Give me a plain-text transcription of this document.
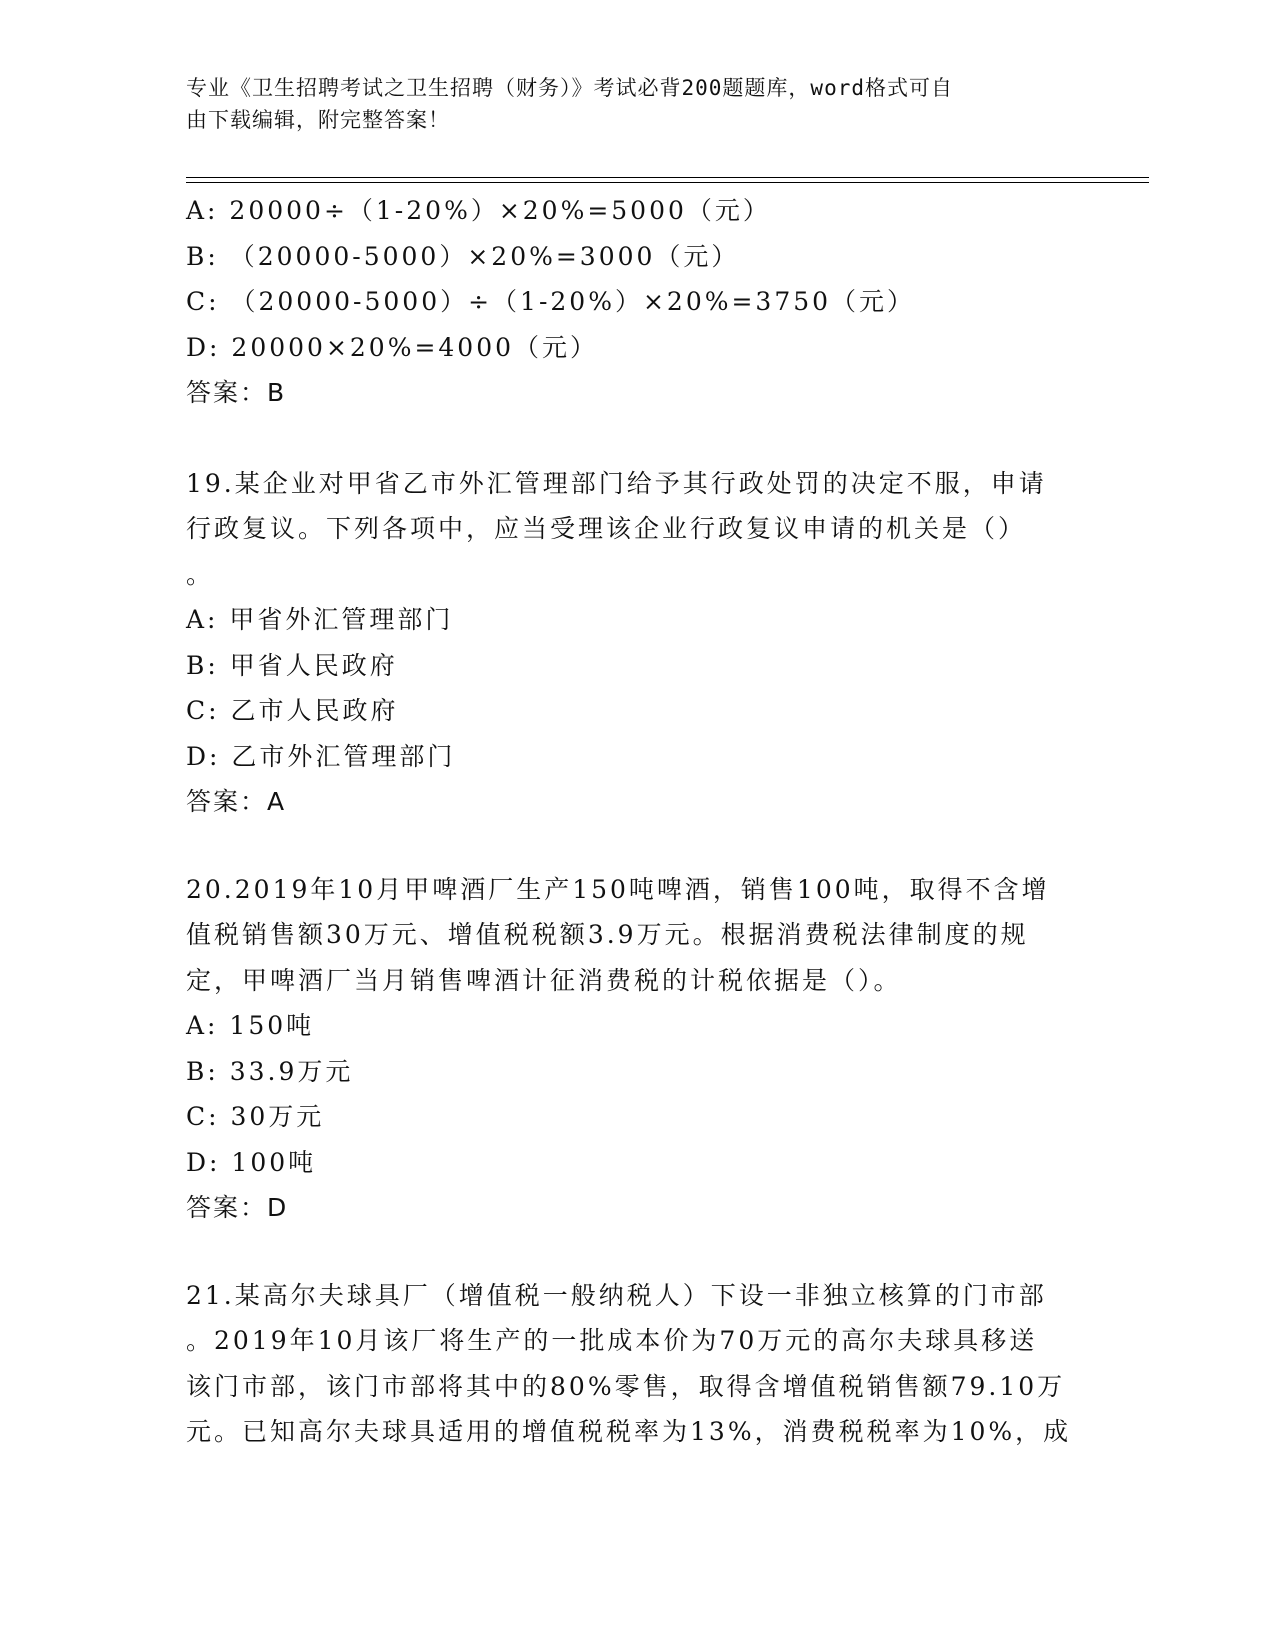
专业《卫生招聘考试之卫生招聘（财务）》考试必背200题题库，word格式可自
由下载编辑，附完整答案！
A: 20000÷（1-20%）×20%=5000（元）
B: （20000-5000）×20%=3000（元）
C: （20000-5000）÷（1-20%）×20%=3750（元）
D: 20000×20%=4000（元）
答案：B
19.某企业对甲省乙市外汇管理部门给予其行政处罚的决定不服，申请
行政复议。下列各项中，应当受理该企业行政复议申请的机关是（）
。
A: 甲省外汇管理部门
B: 甲省人民政府
C: 乙市人民政府
D: 乙市外汇管理部门
答案：A
20.2019年10月甲啤酒厂生产150吨啤酒，销售100吨，取得不含增
值税销售额30万元、增值税税额3.9万元。根据消费税法律制度的规
定，甲啤酒厂当月销售啤酒计征消费税的计税依据是（）。
A: 150吨
B: 33.9万元
C: 30万元
D: 100吨
答案：D
21.某高尔夫球具厂（增值税一般纳税人）下设一非独立核算的门市部
。2019年10月该厂将生产的一批成本价为70万元的高尔夫球具移送
该门市部，该门市部将其中的80%零售，取得含增值税销售额79.10万
元。已知高尔夫球具适用的增值税税率为13%，消费税税率为10%，成
